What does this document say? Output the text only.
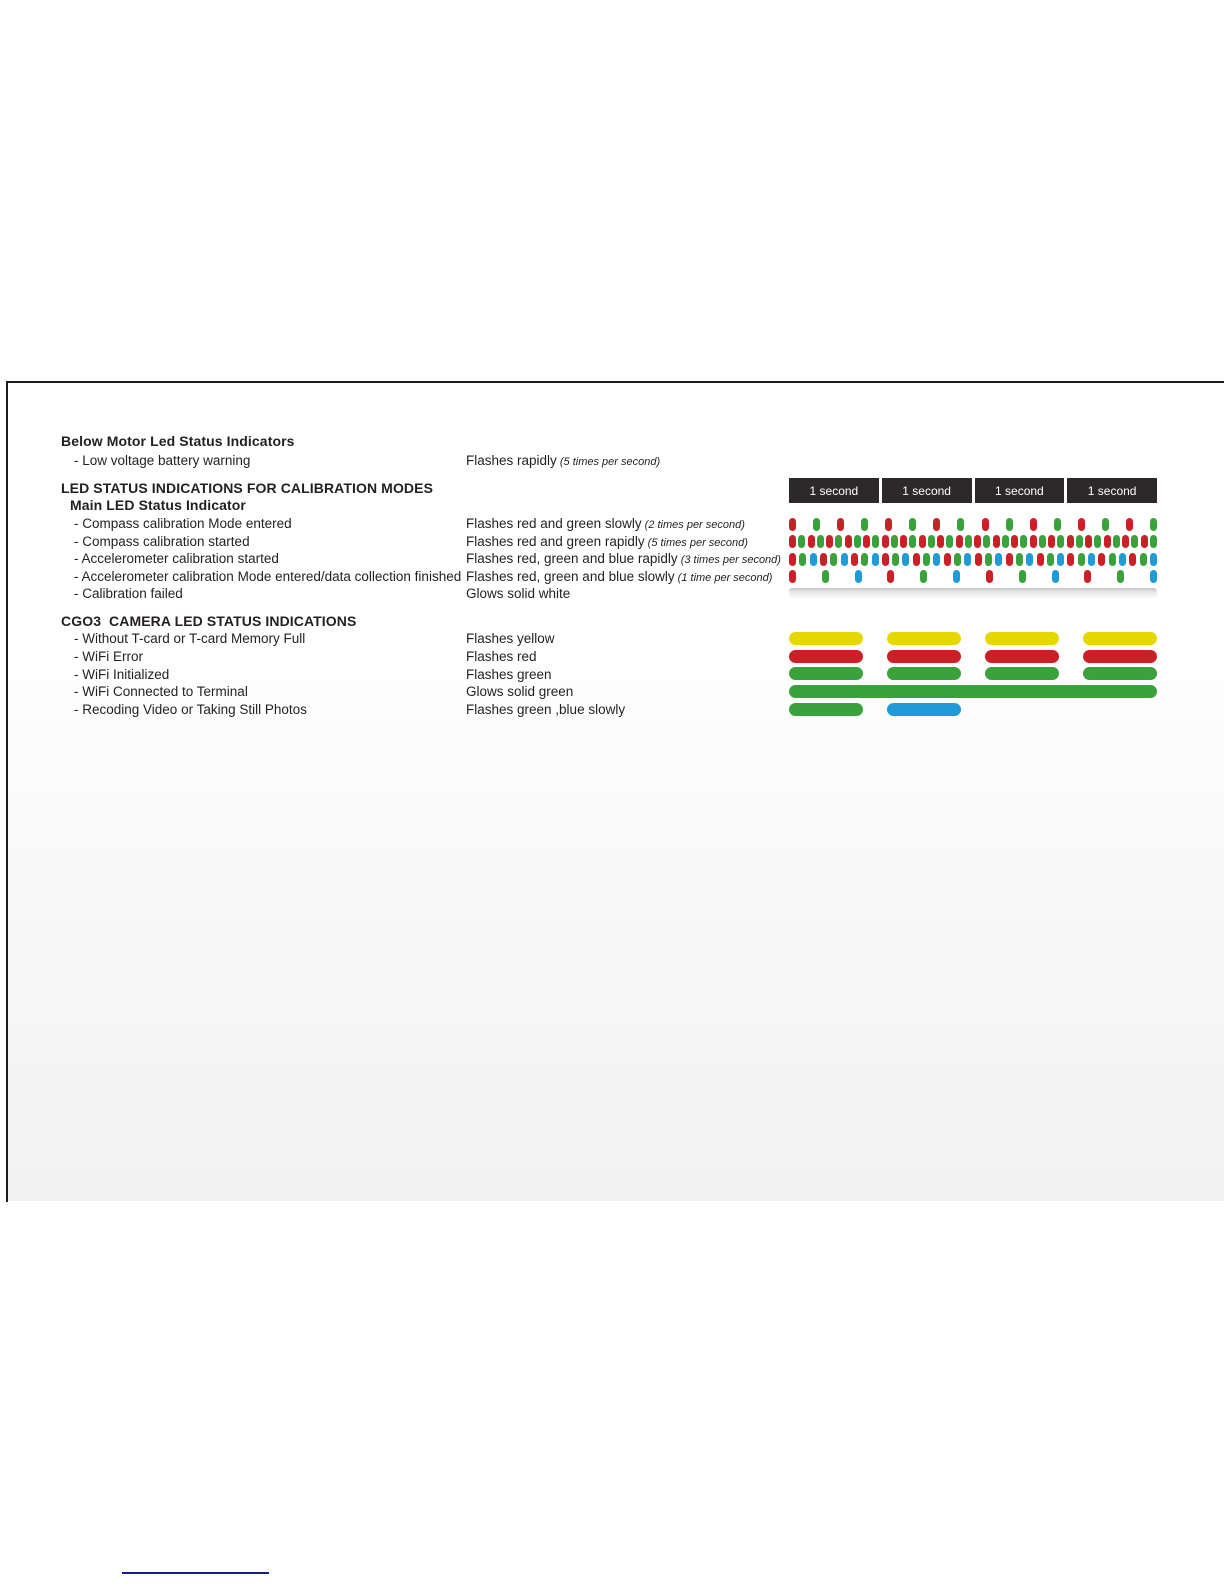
Below Motor Led Status Indicators
- Low voltage battery warning	Flashes rapidly (5 times per second)
LED STATUS INDICATIONS FOR CALIBRATION MODES
Main LED Status Indicator
- Compass calibration Mode entered	Flashes red and green slowly (2 times per second)
- Compass calibration started	Flashes red and green rapidly (5 times per second)
- Accelerometer calibration started	Flashes red, green and blue rapidly (3 times per second)
- Accelerometer calibration Mode entered/data collection finished Flashes red, green and blue slowly (1 time per second)
- Calibration failed	Glows solid white
CGO3  CAMERA LED STATUS INDICATIONS
- Without T-card or T-card Memory Full	Flashes yellow
- WiFi Error	Flashes red
- WiFi Initialized	Flashes green
- WiFi Connected to Terminal	Glows solid green
- Recoding Video or Taking Still Photos	Flashes green ,blue slowly
1 second	1 second	1 second	1 second
